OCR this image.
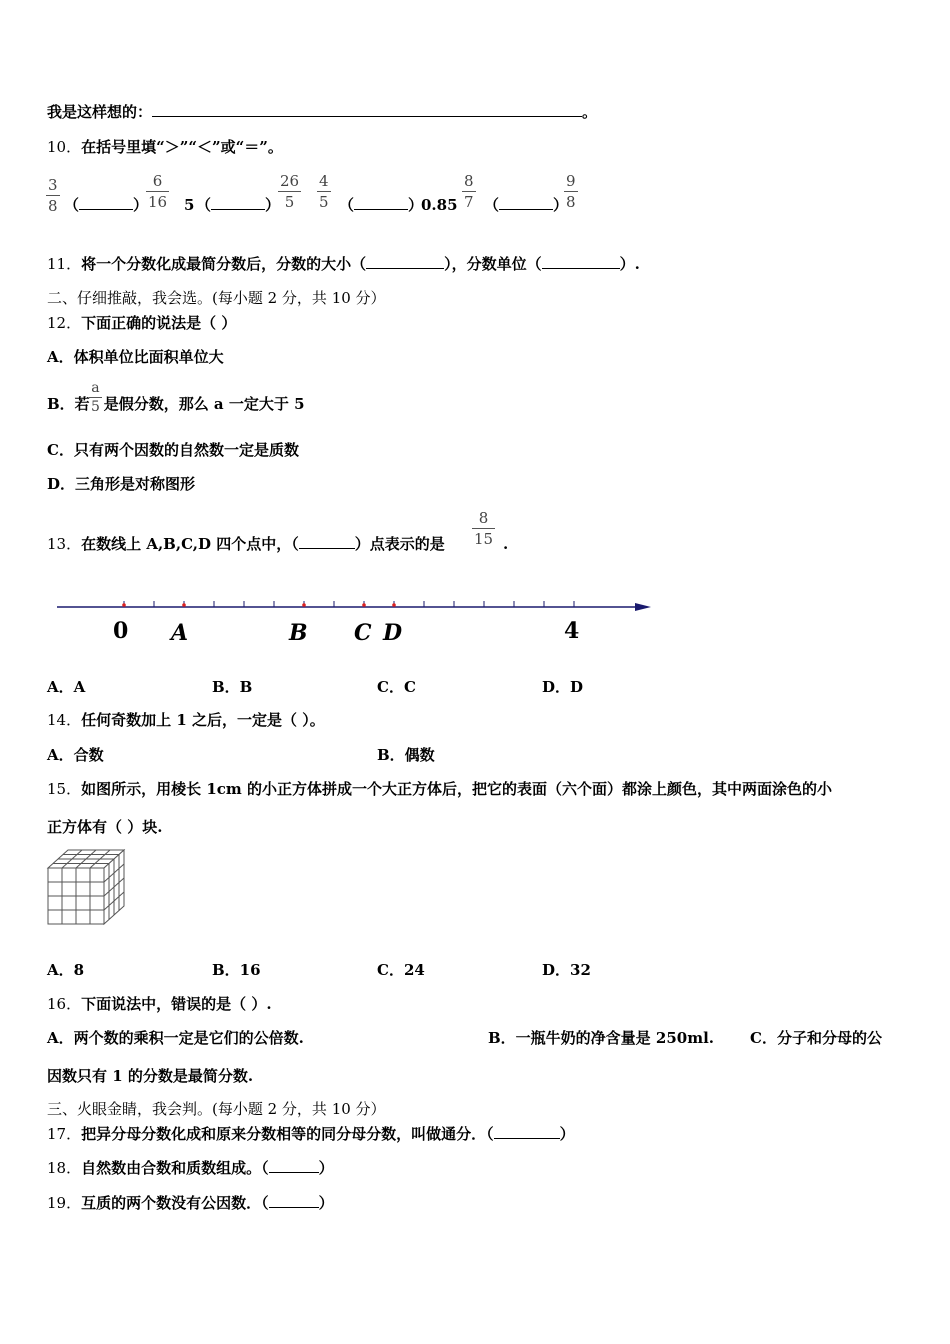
我是这样想的：	。
10．在括号里填“＞”“＜”或“＝”。
3
8 （	）
6
16 5 （	）
26
5
4
5 （	）
0.85
8
7 （	）
9
8
11．将一个分数化成最简分数后，分数的大小（	），分数单位（	）.
二、仔细推敲，我会选。(每小题 2 分，共 10 分）
12．下面正确的说法是（ ）
A．体积单位比面积单位大
B．若 是假分数，那么 a 一定大于 5
a
5
C．只有两个因数的自然数一定是质数
D．三角形是对称图形
13．在数线上 A,B,C,D 四个点中，（	）点表示的是
8
15 .
0 A	B C D	4
A．A	B．B	C．C	D．D
14．任何奇数加上 1 之后，一定是（ ）。
A．合数	B．偶数
15．如图所示，用棱长 1cm 的小正方体拼成一个大正方体后，把它的表面（六个面）都涂上颜色，其中两面涂色的小
正方体有（ ）块.
A．8	B．16	C．24	D．32
16．下面说法中，错误的是（ ）.
A．两个数的乘积一定是它们的公倍数.	B．一瓶牛奶的净含量是 250ml. C．分子和分母的公
因数只有 1 的分数是最简分数.
三、火眼金睛，我会判。(每小题 2 分，共 10 分）
17．把异分母分数化成和原来分数相等的同分母分数，叫做通分．（	）
18．自然数由合数和质数组成。（	）
19．互质的两个数没有公因数．（	）
